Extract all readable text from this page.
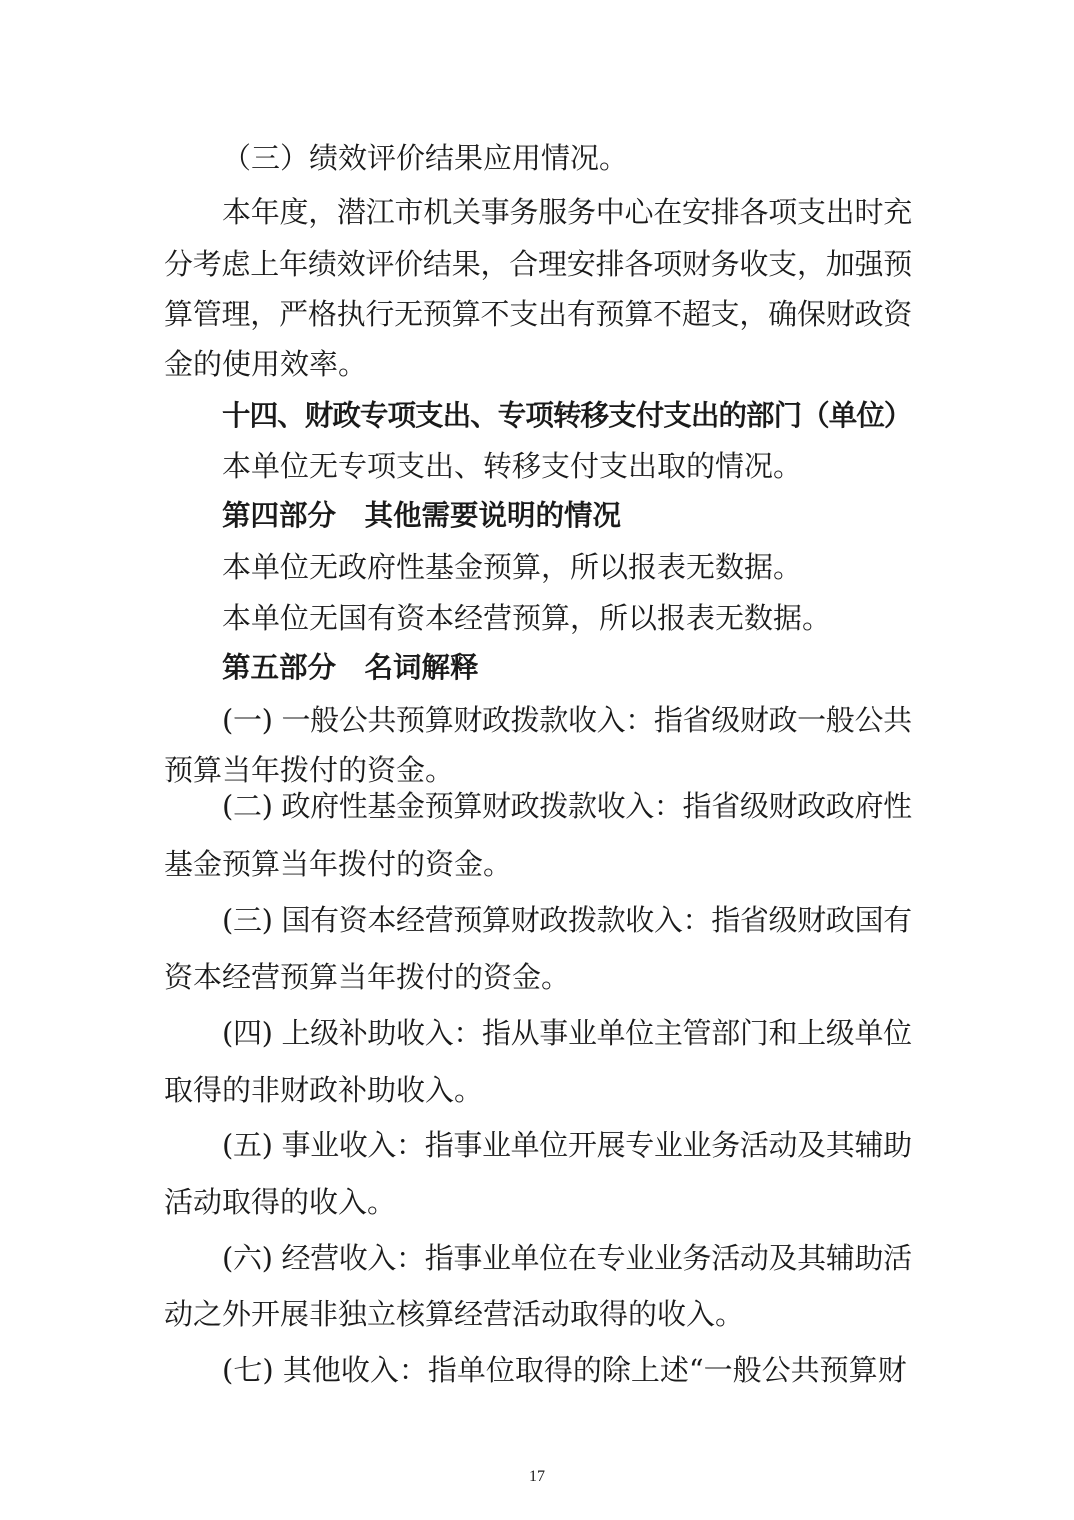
（三）绩效评价结果应用情况。
本年度，潜江市机关事务服务中心在安排各项支出时充
分考虑上年绩效评价结果，合理安排各项财务收支，加强预
算管理，严格执行无预算不支出有预算不超支，确保财政资
金的使用效率。
十四、财政专项支出、专项转移支付支出的部门（单位）
本单位无专项支出、转移支付支出取的情况。
第四部分　其他需要说明的情况
本单位无政府性基金预算，所以报表无数据。
本单位无国有资本经营预算，所以报表无数据。
第五部分　名词解释
(一) 一般公共预算财政拨款收入：指省级财政一般公共
预算当年拨付的资金。
(二) 政府性基金预算财政拨款收入：指省级财政政府性
基金预算当年拨付的资金。
(三) 国有资本经营预算财政拨款收入：指省级财政国有
资本经营预算当年拨付的资金。
(四) 上级补助收入：指从事业单位主管部门和上级单位
取得的非财政补助收入。
(五) 事业收入：指事业单位开展专业业务活动及其辅助
活动取得的收入。
(六) 经营收入：指事业单位在专业业务活动及其辅助活
动之外开展非独立核算经营活动取得的收入。
(七) 其他收入：指单位取得的除上述“一般公共预算财
17
